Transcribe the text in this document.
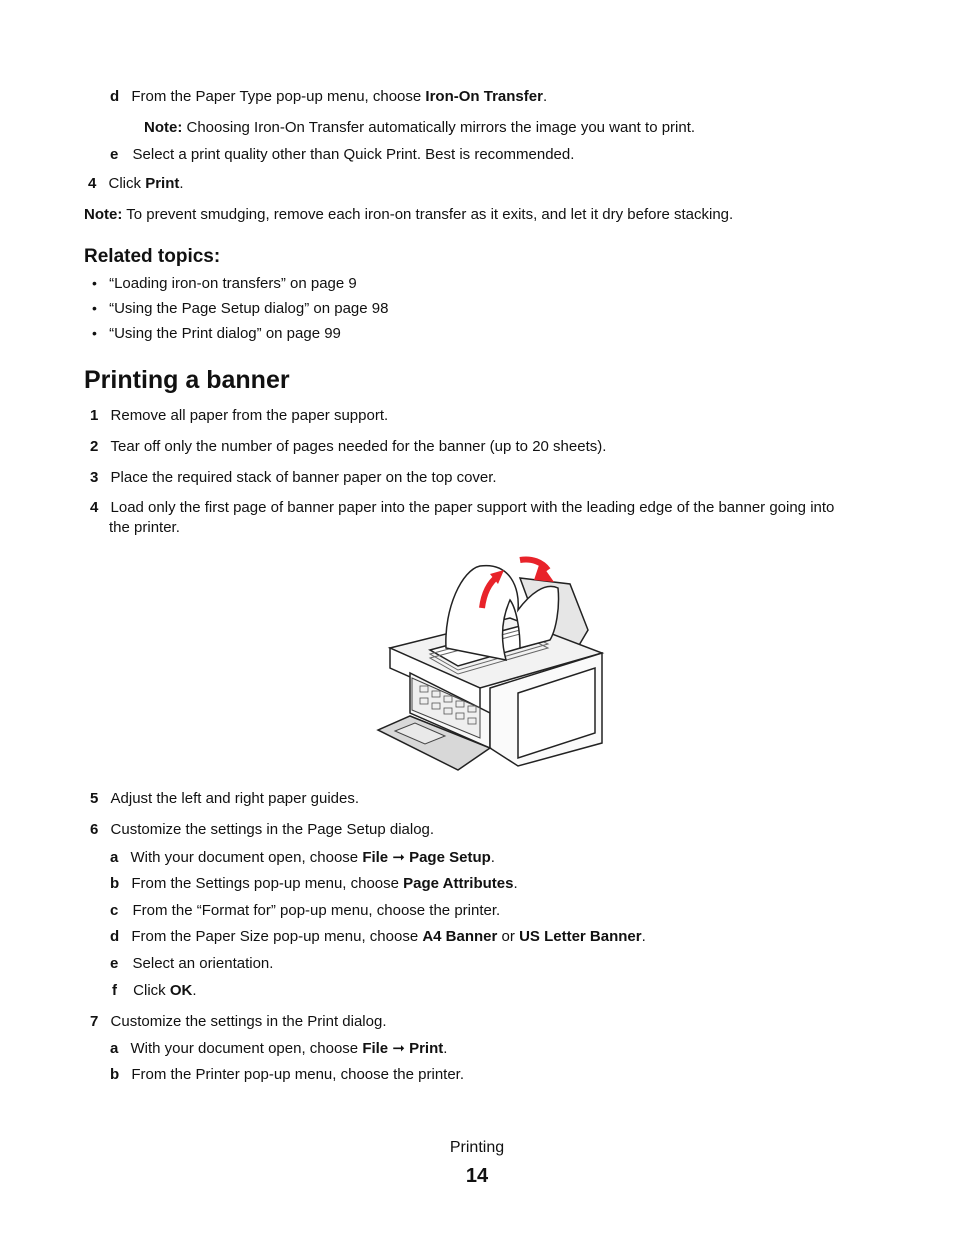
d From the Paper Type pop-up menu, choose Iron-On Transfer.
Note: Choosing Iron-On Transfer automatically mirrors the image you want to print.
e Select a print quality other than Quick Print. Best is recommended.
4 Click Print.
Note: To prevent smudging, remove each iron-on transfer as it exits, and let it dry before stacking.
Related topics:
• “Loading iron-on transfers” on page 9
• “Using the Page Setup dialog” on page 98
• “Using the Print dialog” on page 99
Printing a banner
1 Remove all paper from the paper support.
2 Tear off only the number of pages needed for the banner (up to 20 sheets).
3 Place the required stack of banner paper on the top cover.
4 Load only the first page of banner paper into the paper support with the leading edge of the banner going into
the printer.
5 Adjust the left and right paper guides.
6 Customize the settings in the Page Setup dialog.
a With your document open, choose File ➞ Page Setup.
b From the Settings pop-up menu, choose Page Attributes.
c From the “Format for” pop-up menu, choose the printer.
d From the Paper Size pop-up menu, choose A4 Banner or US Letter Banner.
e Select an orientation.
f Click OK.
7 Customize the settings in the Print dialog.
a With your document open, choose File ➞ Print.
b From the Printer pop-up menu, choose the printer.
Printing
14
